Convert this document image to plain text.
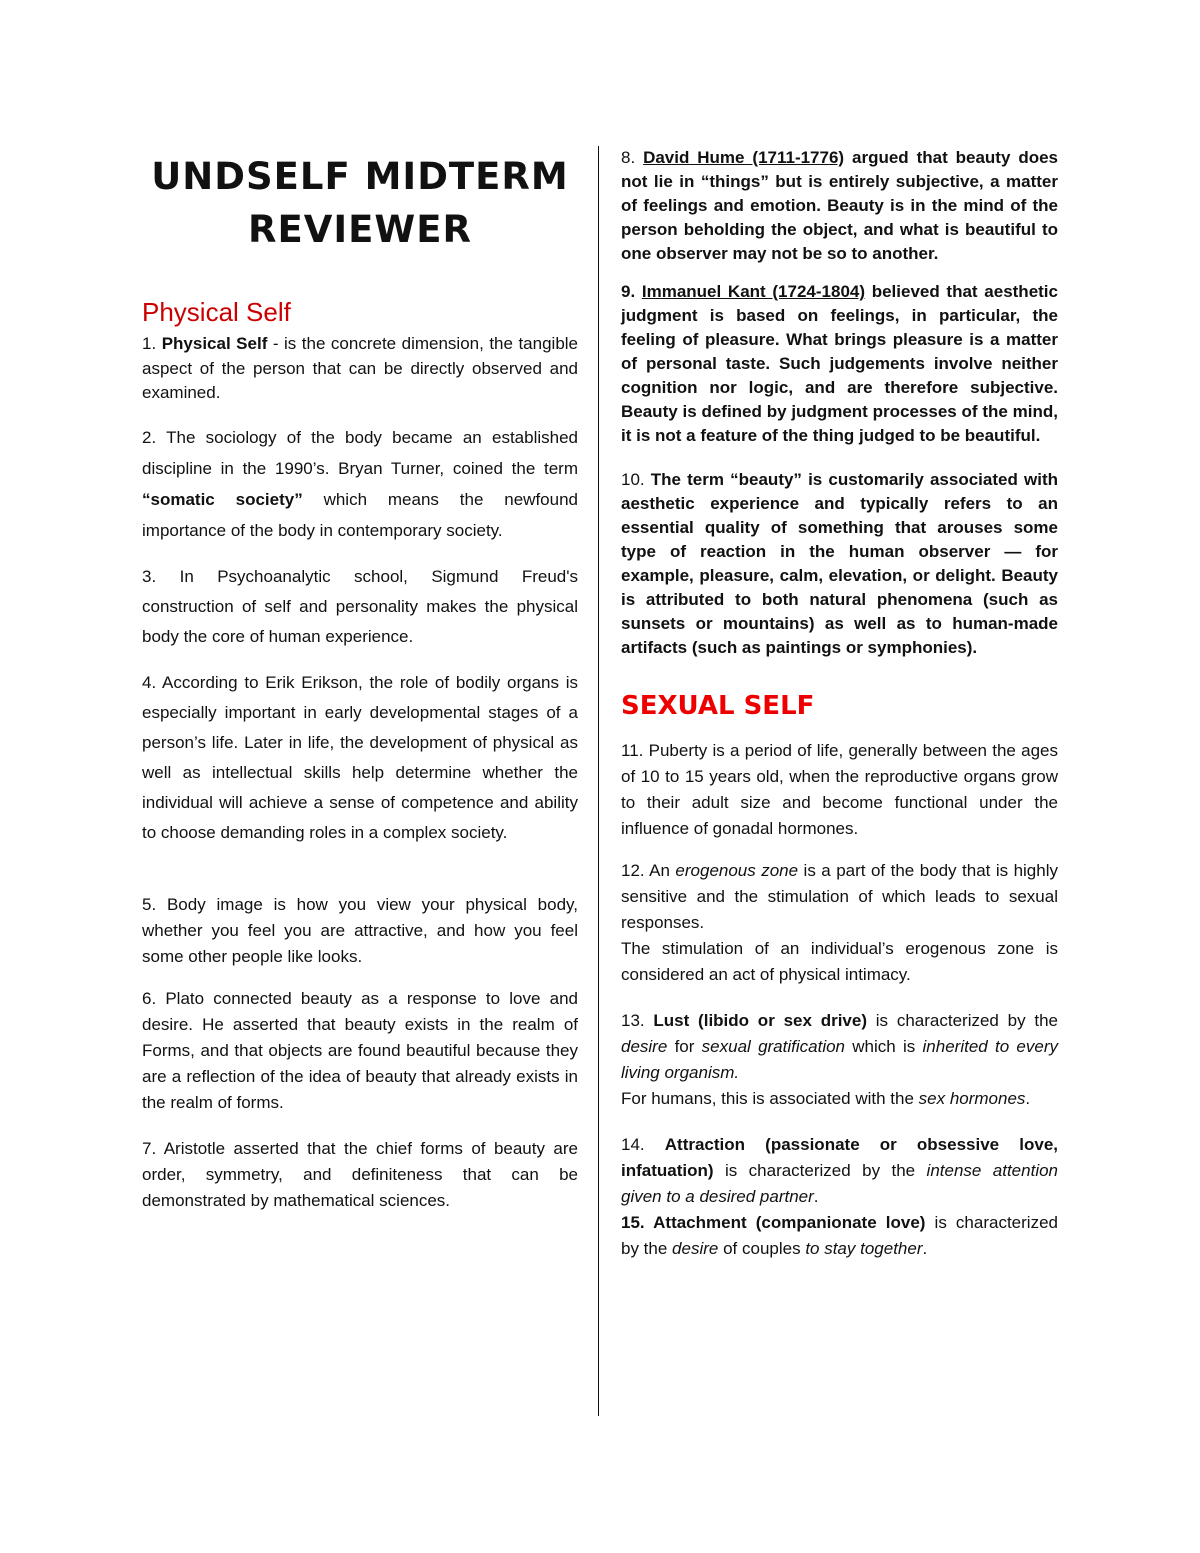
UNDSELF MIDTERM
REVIEWER
Physical Self

1. Physical Self - is the concrete dimension, the tangible aspect of the person that can be directly observed and examined.

2. The sociology of the body became an established discipline in the 1990’s. Bryan Turner, coined the term “somatic society” which means the newfound importance of the body in contemporary society.

3. In Psychoanalytic school, Sigmund Freud's construction of self and personality makes the physical body the core of human experience.

4. According to Erik Erikson, the role of bodily organs is especially important in early developmental stages of a person’s life. Later in life, the development of physical as well as intellectual skills help determine whether the individual will achieve a sense of competence and ability to choose demanding roles in a complex society.

5. Body image is how you view your physical body, whether you feel you are attractive, and how you feel some other people like looks.

6. Plato connected beauty as a response to love and desire. He asserted that beauty exists in the realm of Forms, and that objects are found beautiful because they are a reflection of the idea of beauty that already exists in the realm of forms.

7. Aristotle asserted that the chief forms of beauty are order, symmetry, and definiteness that can be demonstrated by mathematical sciences.

8. David Hume (1711-1776) argued that beauty does not lie in “things” but is entirely subjective, a matter of feelings and emotion. Beauty is in the mind of the person beholding the object, and what is beautiful to one observer may not be so to another.

9. Immanuel Kant (1724-1804) believed that aesthetic judgment is based on feelings, in particular, the feeling of pleasure. What brings pleasure is a matter of personal taste. Such judgements involve neither cognition nor logic, and are therefore subjective. Beauty is defined by judgment processes of the mind, it is not a feature of the thing judged to be beautiful.

10. The term “beauty” is customarily associated with aesthetic experience and typically refers to an essential quality of something that arouses some type of reaction in the human observer — for example, pleasure, calm, elevation, or delight. Beauty is attributed to both natural phenomena (such as sunsets or mountains) as well as to human-made artifacts (such as paintings or symphonies).

SEXUAL SELF

11. Puberty is a period of life, generally between the ages of 10 to 15 years old, when the reproductive organs grow to their adult size and become functional under the influence of gonadal hormones.

12. An erogenous zone is a part of the body that is highly sensitive and the stimulation of which leads to sexual responses.
The stimulation of an individual’s erogenous zone is considered an act of physical intimacy.

13. Lust (libido or sex drive) is characterized by the desire for sexual gratification which is inherited to every living organism.
For humans, this is associated with the sex hormones.

14. Attraction (passionate or obsessive love, infatuation) is characterized by the intense attention given to a desired partner.

15. Attachment (companionate love) is characterized by the desire of couples to stay together.
